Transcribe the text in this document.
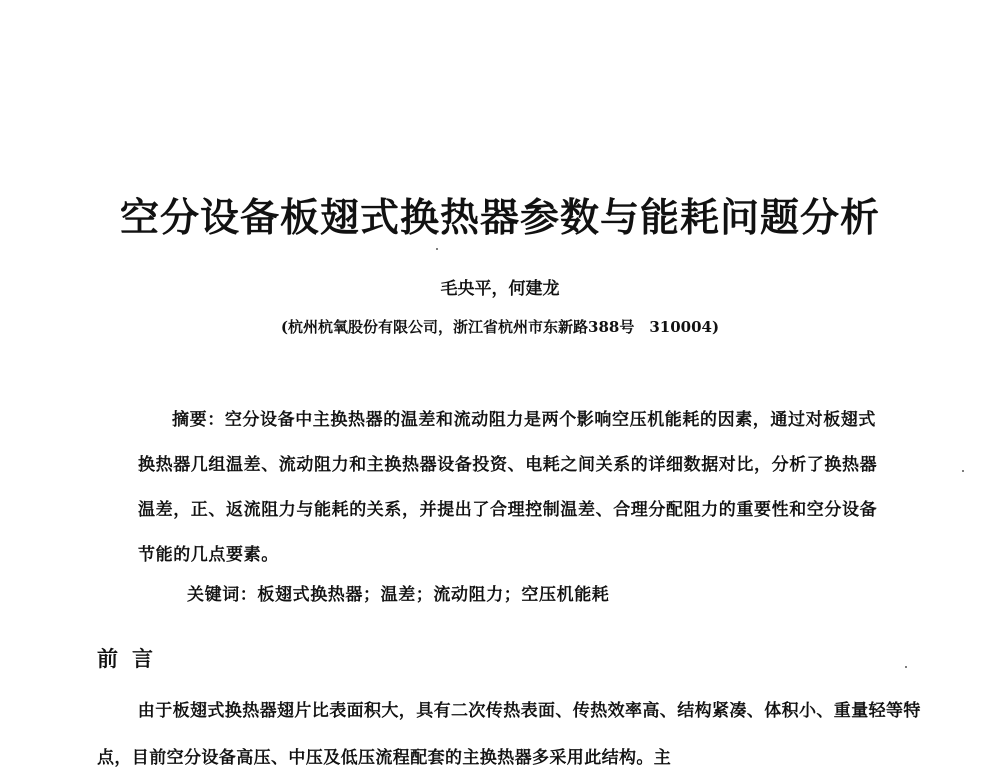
空分设备板翅式换热器参数与能耗问题分析
毛央平，何建龙
(杭州杭氧股份有限公司，浙江省杭州市东新路388号　310004)

摘要：空分设备中主换热器的温差和流动阻力是两个影响空压机能耗的因素，通过对板翅式换热器几组温差、流动阻力和主换热器设备投资、电耗之间关系的详细数据对比，分析了换热器温差，正、返流阻力与能耗的关系，并提出了合理控制温差、合理分配阻力的重要性和空分设备节能的几点要素。

关键词：板翅式换热器；温差；流动阻力；空压机能耗
前言

由于板翅式换热器翅片比表面积大，具有二次传热表面、传热效率高、结构紧凑、体积小、重量轻等特点，目前空分设备高压、中压及低压流程配套的主换热器多采用此结构。主
